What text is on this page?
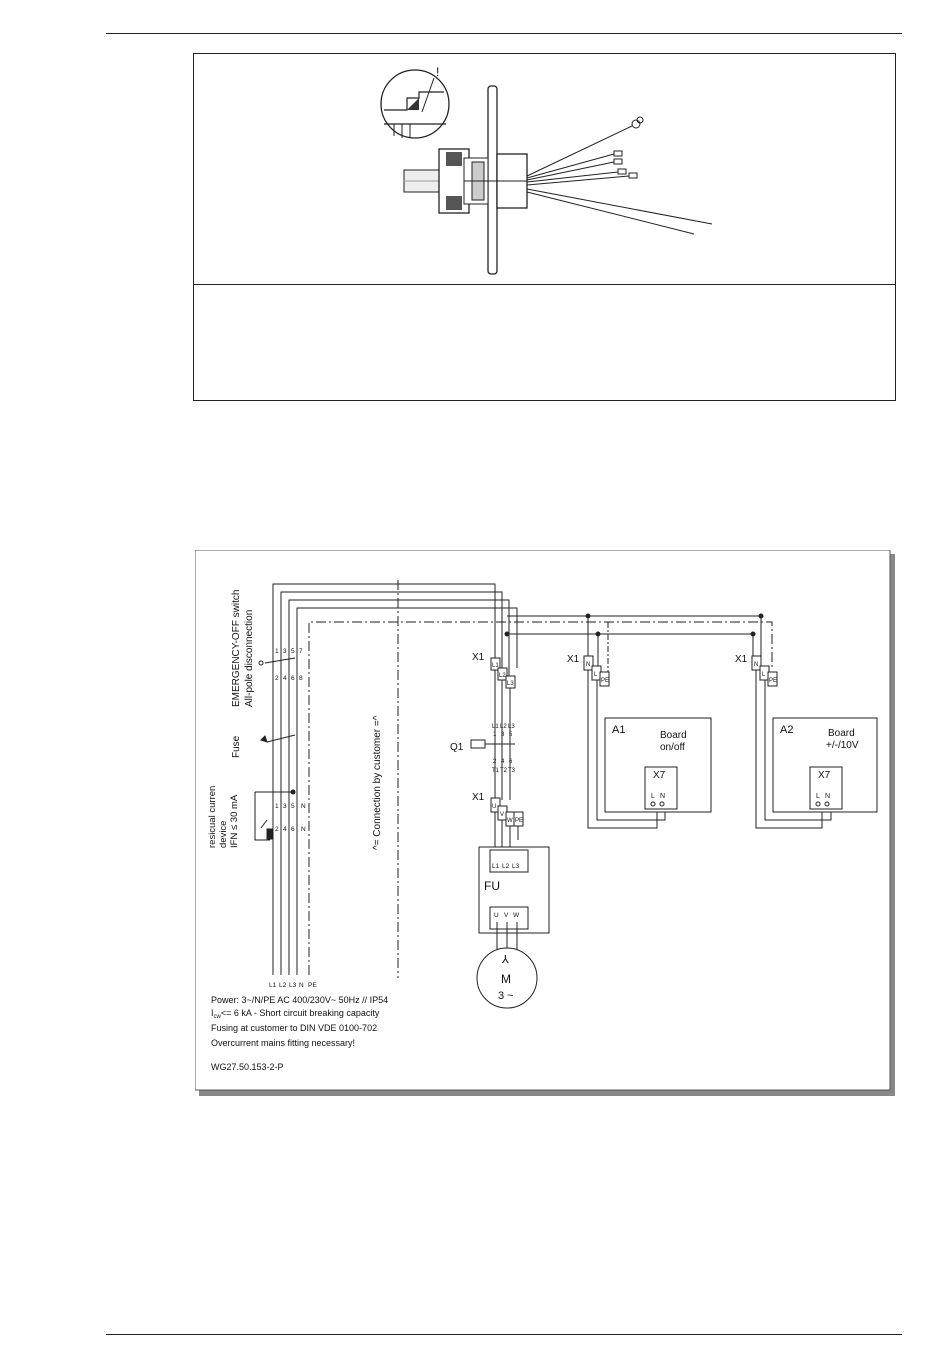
!
EMERGENCY-OFF switch All-pole disconnection
Fuse
resicual curren device IFN ≤ 30 mA	^= Connection by customer =^
1 3 5 7
2 4 6 8
1 3 5 N
2 4 6 N
L1 L2 L3 N PE
X1
L1
L2
L3
Q1
L1 L2 L3
1 3 5
2 4 6
T1 T2 T3
X1
U
V
W PE
FU
L1 L2 L3
U V W
⅄
M
3 ~
X1 N
L
PE
A1	Board
on/off
X7
L N
X1 N
L
PE
A2	Board
+/-/10V
X7
L N
Power: 3~/N/PE AC 400/230V~ 50Hz // IP54
$I_{cw}<= 6$ kA - Short circuit breaking capacity
Fusing at customer to DIN VDE 0100-702
Overcurrent mains fitting necessary!
WG27.50.153-2-P
